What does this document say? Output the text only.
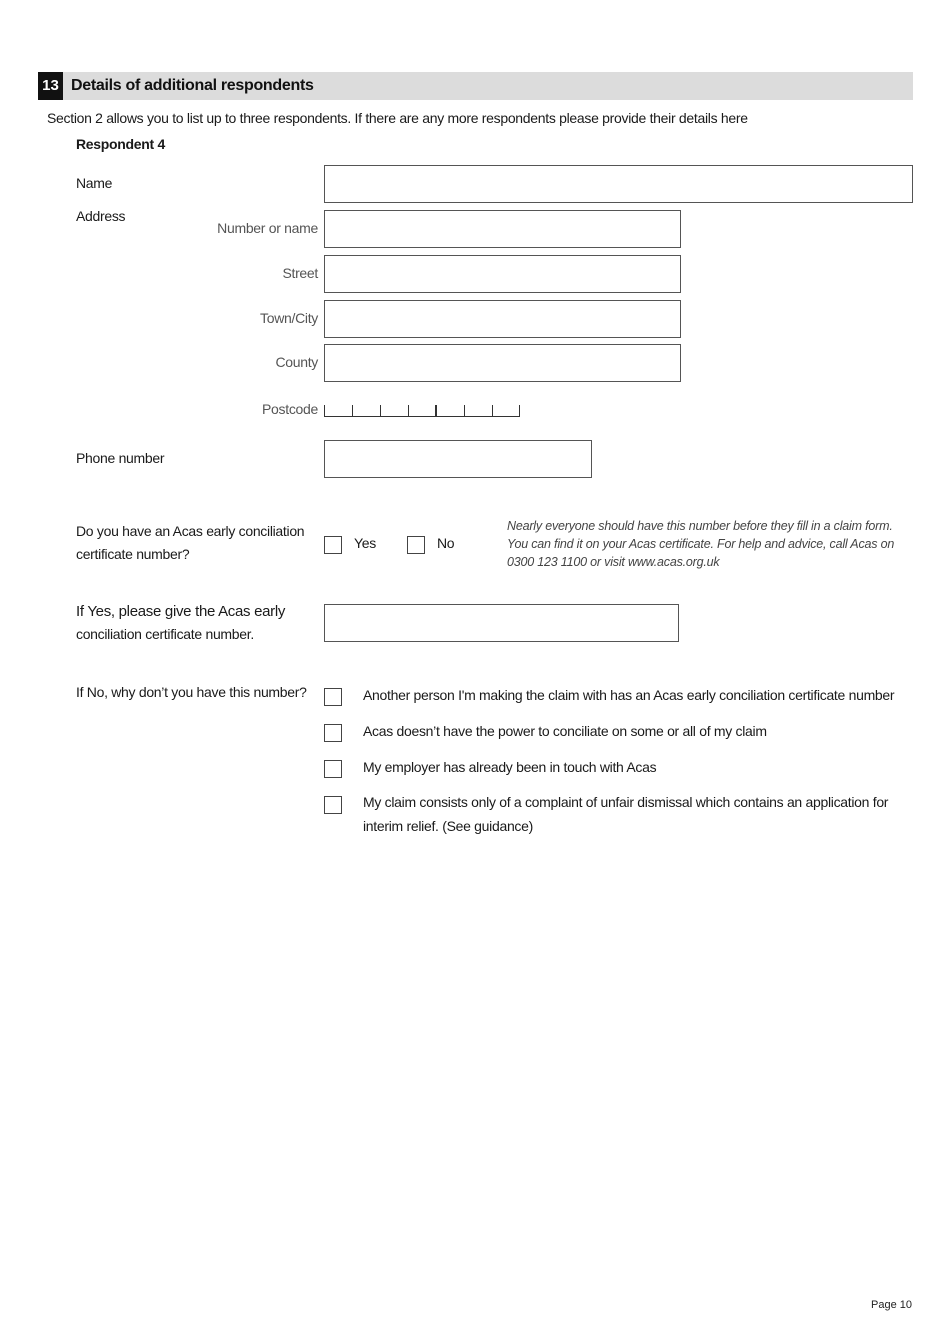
13 Details of additional respondents
Section 2 allows you to list up to three respondents. If there are any more respondents please provide their details here
Respondent 4
Name
Address
Number or name
Street
Town/City
County
Postcode
Phone number
Do you have an Acas early conciliation
certificate number?
Yes	No
Nearly everyone should have this number before they fill in a claim form.
You can find it on your Acas certificate. For help and advice, call Acas on
0300 123 1100 or visit www.acas.org.uk
If Yes, please give the Acas early
conciliation certificate number.
If No, why don’t you have this number?	Another person I'm making the claim with has an Acas early conciliation certificate number
Acas doesn’t have the power to conciliate on some or all of my claim
My employer has already been in touch with Acas
My claim consists only of a complaint of unfair dismissal which contains an application for
interim relief. (See guidance)
Page 10
